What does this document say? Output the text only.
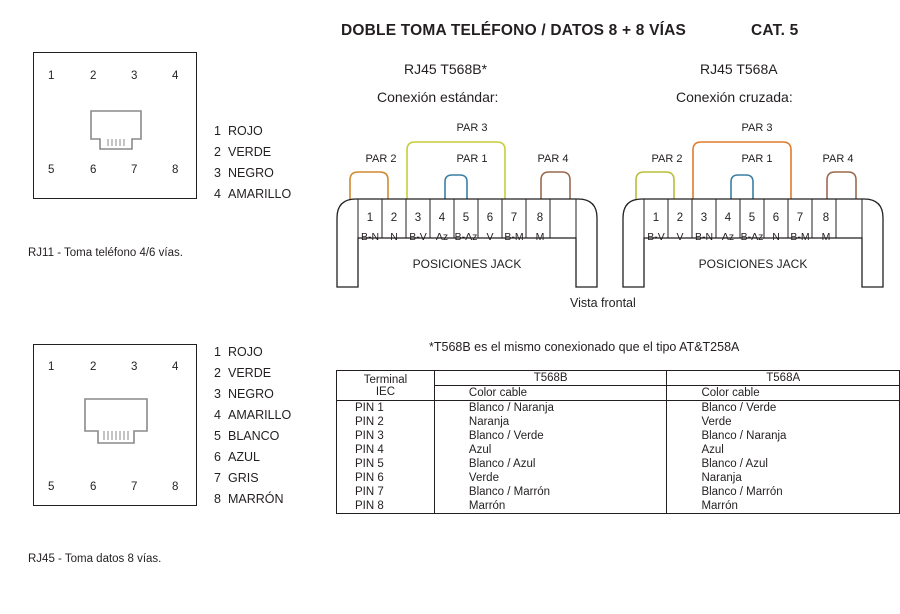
1	2	3	4
5	6	7	8
RJ11 - Toma teléfono 4/6 vías.
1 ROJO
2 VERDE
3 NEGRO
4 AMARILLO
1	2	3	4
5	6	7	8
RJ45 - Toma datos 8 vías.
1 ROJO
2 VERDE
3 NEGRO
4 AMARILLO
5 BLANCO
6 AZUL
7 GRIS
8 MARRÓN
DOBLE TOMA TELÉFONO / DATOS 8 + 8 VÍAS	CAT. 5
RJ45 T568B*
Conexión estándar:
PAR 2	PAR 1
PAR 3
PAR 4
1	2	3	4	5	6	7	8
B-N	N	B-V Az B-Az V	B-M	M
POSICIONES JACK
RJ45 T568A
Conexión cruzada:
PAR 2	PAR 1
PAR 3
PAR 4
1	2	3	4	5	6	7	8
B-V	V	B-N Az B-Az N	B-M	M
POSICIONES JACK
Vista frontal
*T568B es el mismo conexionado que el tipo AT&T258A
Terminal
IEC	T568B	T568A
	Color cable	Color cable
PIN 1	Blanco / Naranja	Blanco / Verde
PIN 2	Naranja	Verde
PIN 3	Blanco / Verde	Blanco / Naranja
PIN 4	Azul	Azul
PIN 5	Blanco / Azul	Blanco / Azul
PIN 6	Verde	Naranja
PIN 7	Blanco / Marrón	Blanco / Marrón
PIN 8	Marrón	Marrón
